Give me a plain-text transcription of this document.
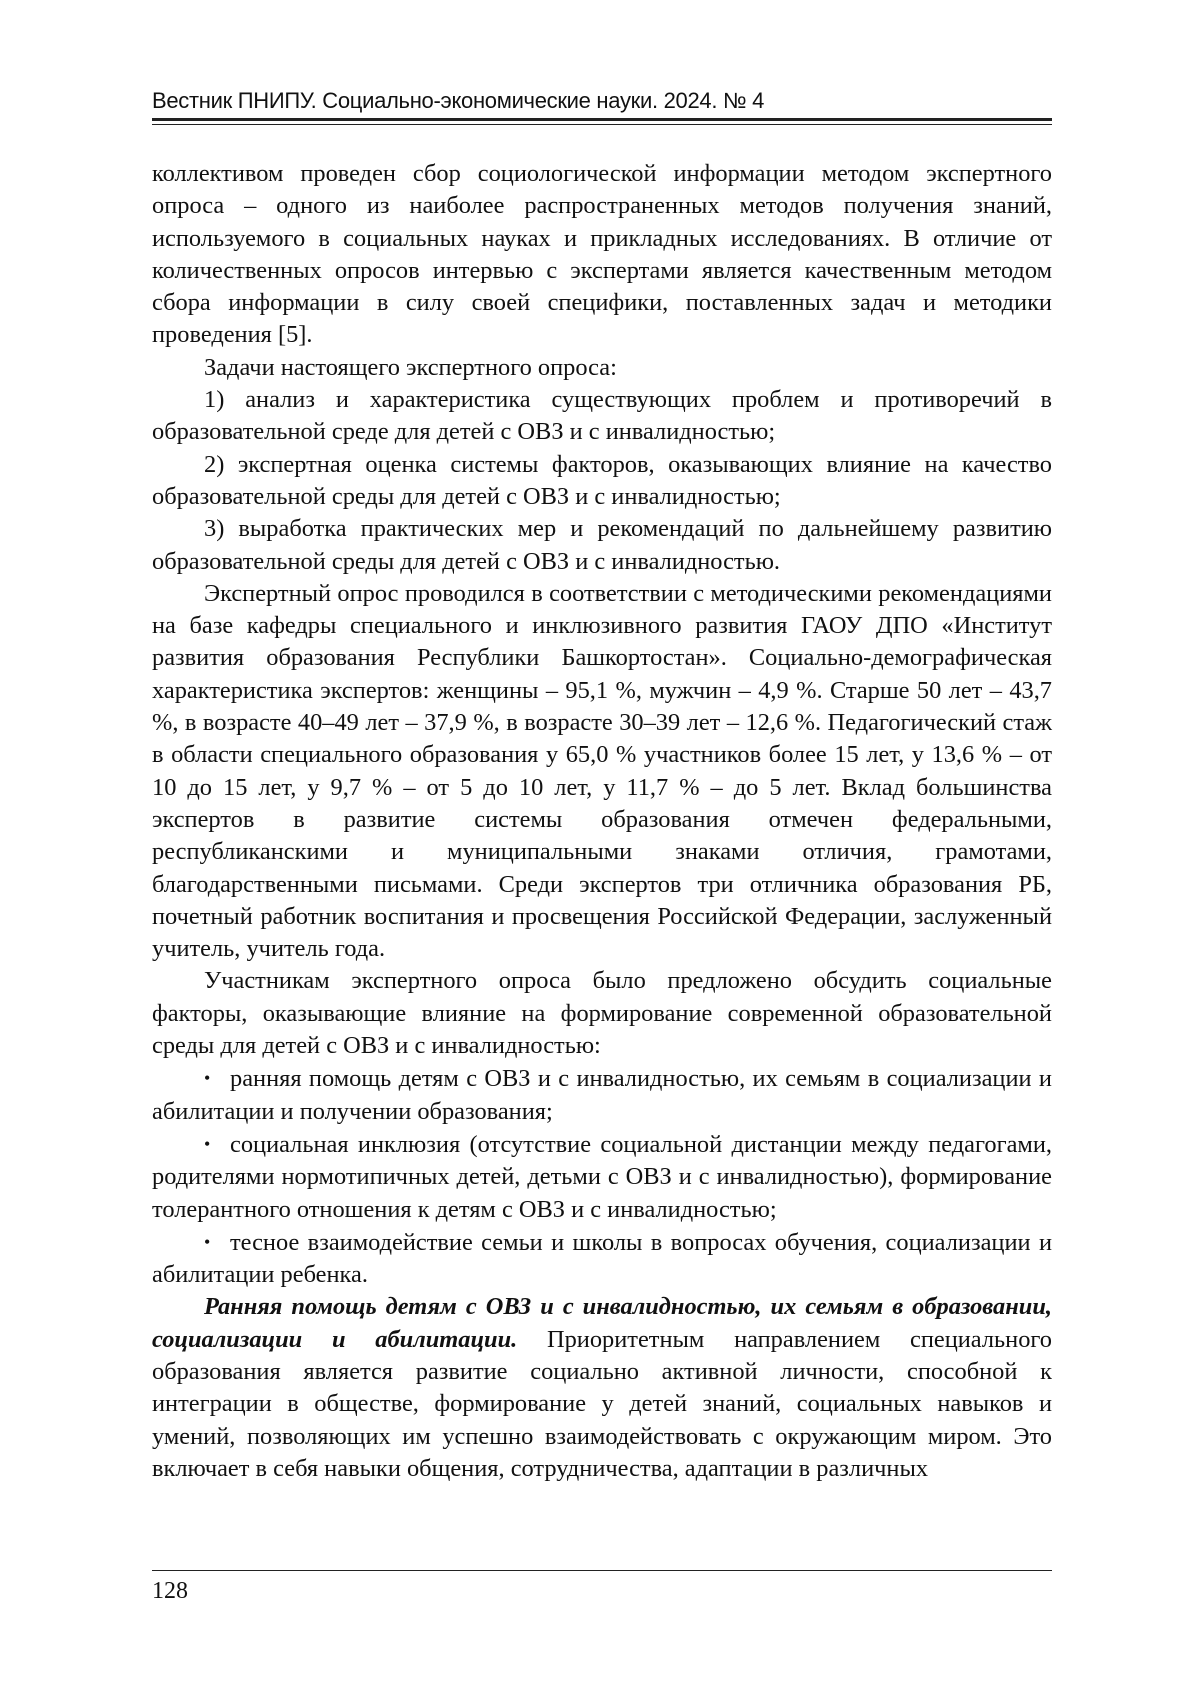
Вестник ПНИПУ. Социально-экономические науки. 2024. № 4

коллективом проведен сбор социологической информации методом экспертного опроса – одного из наиболее распространенных методов получения знаний, используемого в социальных науках и прикладных исследованиях. В отличие от количественных опросов интервью с экспертами является качественным методом сбора информации в силу своей специфики, поставленных задач и методики проведения [5].

Задачи настоящего экспертного опроса:

1) анализ и характеристика существующих проблем и противоречий в образовательной среде для детей с ОВЗ и с инвалидностью;

2) экспертная оценка системы факторов, оказывающих влияние на качество образовательной среды для детей с ОВЗ и с инвалидностью;

3) выработка практических мер и рекомендаций по дальнейшему развитию образовательной среды для детей с ОВЗ и с инвалидностью.

Экспертный опрос проводился в соответствии с методическими рекомендациями на базе кафедры специального и инклюзивного развития ГАОУ ДПО «Институт развития образования Республики Башкортостан». Социально-демографическая характеристика экспертов: женщины – 95,1 %, мужчин – 4,9 %. Старше 50 лет – 43,7 %, в возрасте 40–49 лет – 37,9 %, в возрасте 30–39 лет – 12,6 %. Педагогический стаж в области специального образования у 65,0 % участников более 15 лет, у 13,6 % – от 10 до 15 лет, у 9,7 % – от 5 до 10 лет, у 11,7 % – до 5 лет. Вклад большинства экспертов в развитие системы образования отмечен федеральными, республиканскими и муниципальными знаками отличия, грамотами, благодарственными письмами. Среди экспертов три отличника образования РБ, почетный работник воспитания и просвещения Российской Федерации, заслуженный учитель, учитель года.

Участникам экспертного опроса было предложено обсудить социальные факторы, оказывающие влияние на формирование современной образовательной среды для детей с ОВЗ и с инвалидностью:

• ранняя помощь детям с ОВЗ и с инвалидностью, их семьям в социализации и абилитации и получении образования;

• социальная инклюзия (отсутствие социальной дистанции между педагогами, родителями нормотипичных детей, детьми с ОВЗ и с инвалидностью), формирование толерантного отношения к детям с ОВЗ и с инвалидностью;

• тесное взаимодействие семьи и школы в вопросах обучения, социализации и абилитации ребенка.

Ранняя помощь детям с ОВЗ и с инвалидностью, их семьям в образовании, социализации и абилитации. Приоритетным направлением специального образования является развитие социально активной личности, способной к интеграции в обществе, формирование у детей знаний, социальных навыков и умений, позволяющих им успешно взаимодействовать с окружающим миром. Это включает в себя навыки общения, сотрудничества, адаптации в различных

128
